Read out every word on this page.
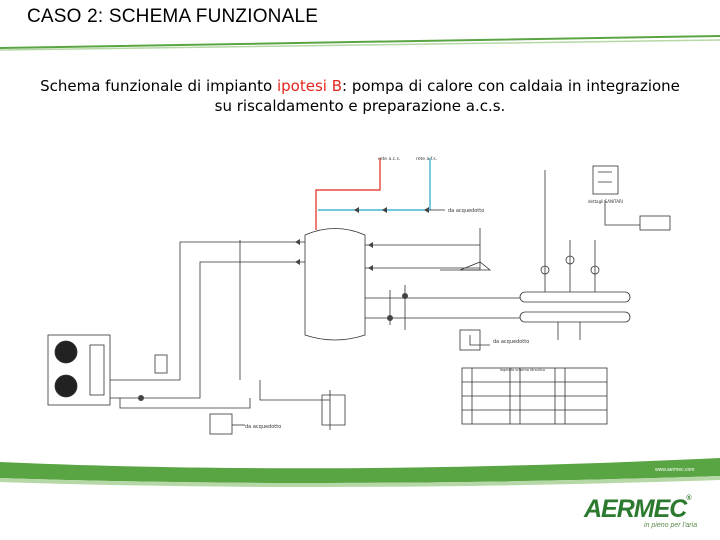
CASO 2: SCHEMA FUNZIONALE
Schema funzionale di impianto ipotesi B: pompa di calore con caldaia in integrazione
su riscaldamento e preparazione a.c.s.
rete a.c.s.	rete a.f.s.
da acquedotto
da acquedotto
da acquedotto
legenda schema idraulico
dettagli SANITARI
www.aermec.com
AERMEC®
in pieno per l'aria
